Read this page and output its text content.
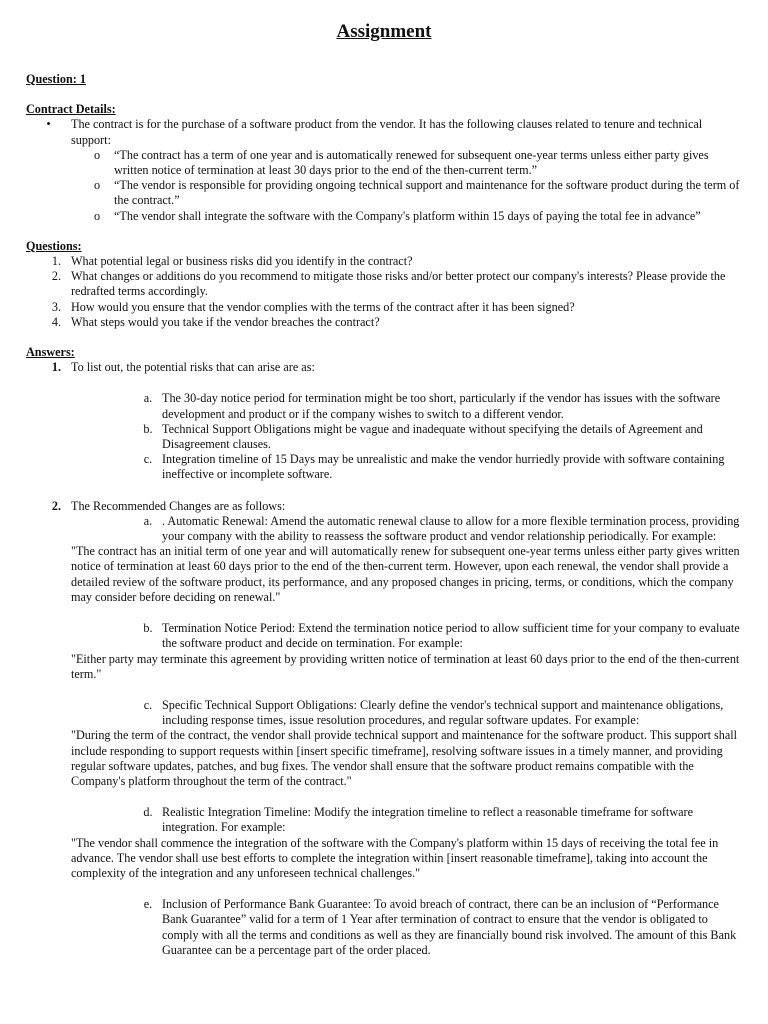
Assignment
Question: 1
Contract Details:
•	The contract is for the purchase of a software product from the vendor. It has the following clauses related to tenure and technical support:
o	“The contract has a term of one year and is automatically renewed for subsequent one-year terms unless either party gives written notice of termination at least 30 days prior to the end of the then-current term.”
o	“The vendor is responsible for providing ongoing technical support and maintenance for the software product during the term of the contract.”
o	“The vendor shall integrate the software with the Company's platform within 15 days of paying the total fee in advance”
Questions:
1. What potential legal or business risks did you identify in the contract?
2. What changes or additions do you recommend to mitigate those risks and/or better protect our company's interests? Please provide the redrafted terms accordingly.
3. How would you ensure that the vendor complies with the terms of the contract after it has been signed?
4. What steps would you take if the vendor breaches the contract?
Answers:
1. To list out, the potential risks that can arise are as:
a. The 30-day notice period for termination might be too short, particularly if the vendor has issues with the software development and product or if the company wishes to switch to a different vendor.
b. Technical Support Obligations might be vague and inadequate without specifying the details of Agreement and Disagreement clauses.
c. Integration timeline of 15 Days may be unrealistic and make the vendor hurriedly provide with software containing ineffective or incomplete software.
2. The Recommended Changes are as follows:
a. . Automatic Renewal: Amend the automatic renewal clause to allow for a more flexible termination process, providing your company with the ability to reassess the software product and vendor relationship periodically. For example:
"The contract has an initial term of one year and will automatically renew for subsequent one-year terms unless either party gives written notice of termination at least 60 days prior to the end of the then-current term. However, upon each renewal, the vendor shall provide a detailed review of the software product, its performance, and any proposed changes in pricing, terms, or conditions, which the company may consider before deciding on renewal."
b. Termination Notice Period: Extend the termination notice period to allow sufficient time for your company to evaluate the software product and decide on termination. For example:
"Either party may terminate this agreement by providing written notice of termination at least 60 days prior to the end of the then-current term."
c. Specific Technical Support Obligations: Clearly define the vendor's technical support and maintenance obligations, including response times, issue resolution procedures, and regular software updates. For example:
"During the term of the contract, the vendor shall provide technical support and maintenance for the software product. This support shall include responding to support requests within [insert specific timeframe], resolving software issues in a timely manner, and providing regular software updates, patches, and bug fixes. The vendor shall ensure that the software product remains compatible with the Company's platform throughout the term of the contract."
d. Realistic Integration Timeline: Modify the integration timeline to reflect a reasonable timeframe for software integration. For example:
"The vendor shall commence the integration of the software with the Company's platform within 15 days of receiving the total fee in advance. The vendor shall use best efforts to complete the integration within [insert reasonable timeframe], taking into account the complexity of the integration and any unforeseen technical challenges."
e. Inclusion of Performance Bank Guarantee: To avoid breach of contract, there can be an inclusion of “Performance Bank Guarantee” valid for a term of 1 Year after termination of contract to ensure that the vendor is obligated to comply with all the terms and conditions as well as they are financially bound risk involved. The amount of this Bank Guarantee can be a percentage part of the order placed.
